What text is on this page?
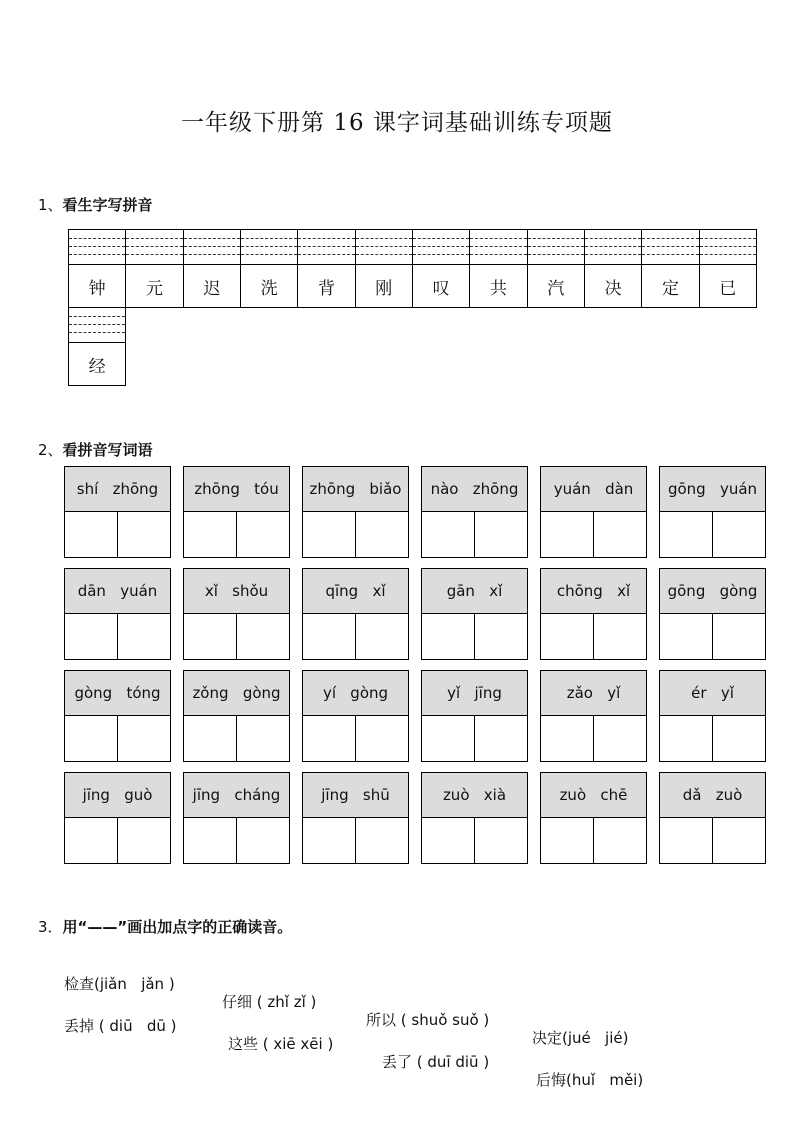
一年级下册第 16 课字词基础训练专项题
1、看生字写拼音
钟	元	迟	洗	背	刚	叹	共	汽	决	定	已
经
2、看拼音写词语
shí   zhōng	zhōng   tóu	zhōng   biǎo	nào   zhōng	yuán   dàn	gōng   yuán
dān   yuán	xǐ   shǒu	qīng   xǐ	gān   xǐ	chōng   xǐ	gōng   gòng
gòng   tóng	zǒng   gòng	yí   gòng	yǐ   jīng	zǎo   yǐ	ér   yǐ
jīng   guò	jīng   cháng	jīng   shū	zuò   xià	zuò   chē	dǎ   zuò
3．用“——”画出加点字的正确读音。

检查(jiǎn   jǎn )

仔细 ( zhǐ zǐ )

所以 ( shuǒ suǒ )

决定(jué   jié)

丢掉 ( diū   dū )

这些 ( xiē xēi )

丢了 ( duī diū )

后悔(huǐ   měi)
